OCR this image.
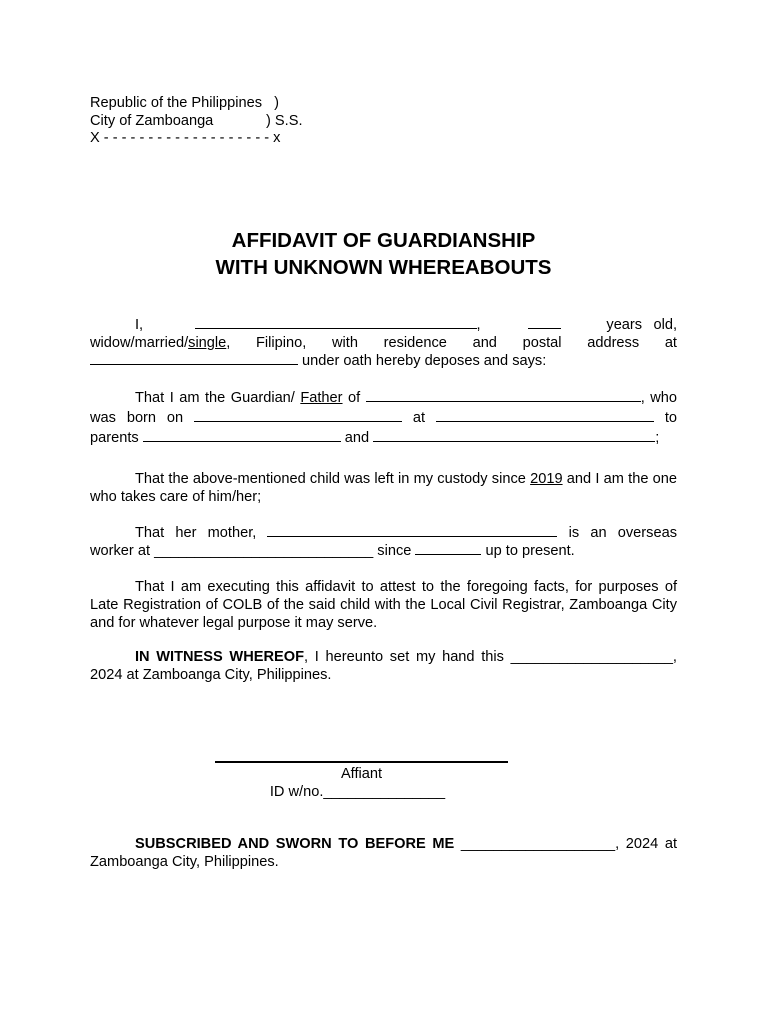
Republic of the Philippines   )
City of Zamboanga             ) S.S.
X - - - - - - - - - - - - - - - - - - - x
AFFIDAVIT OF GUARDIANSHIP
WITH UNKNOWN WHEREABOUTS

I,	,	years old, widow/married/single, Filipino, with residence and postal address at  under oath hereby deposes and says:

That I am the Guardian/ Father of	, who was born on	at	to parents	and	;

That the above-mentioned child was left in my custody since 2019 and I am the one who takes care of him/her;

That her mother,	is an overseas worker at ___________________________ since	up to present.

That I am executing this affidavit to attest to the foregoing facts, for purposes of Late Registration of COLB of the said child with the Local Civil Registrar, Zamboanga City and for whatever legal purpose it may serve.

IN WITNESS WHEREOF, I hereunto set my hand this ____________________, 2024 at Zamboanga City, Philippines.

Affiant
ID w/no._______________

SUBSCRIBED AND SWORN TO BEFORE ME ___________________, 2024 at Zamboanga City, Philippines.
